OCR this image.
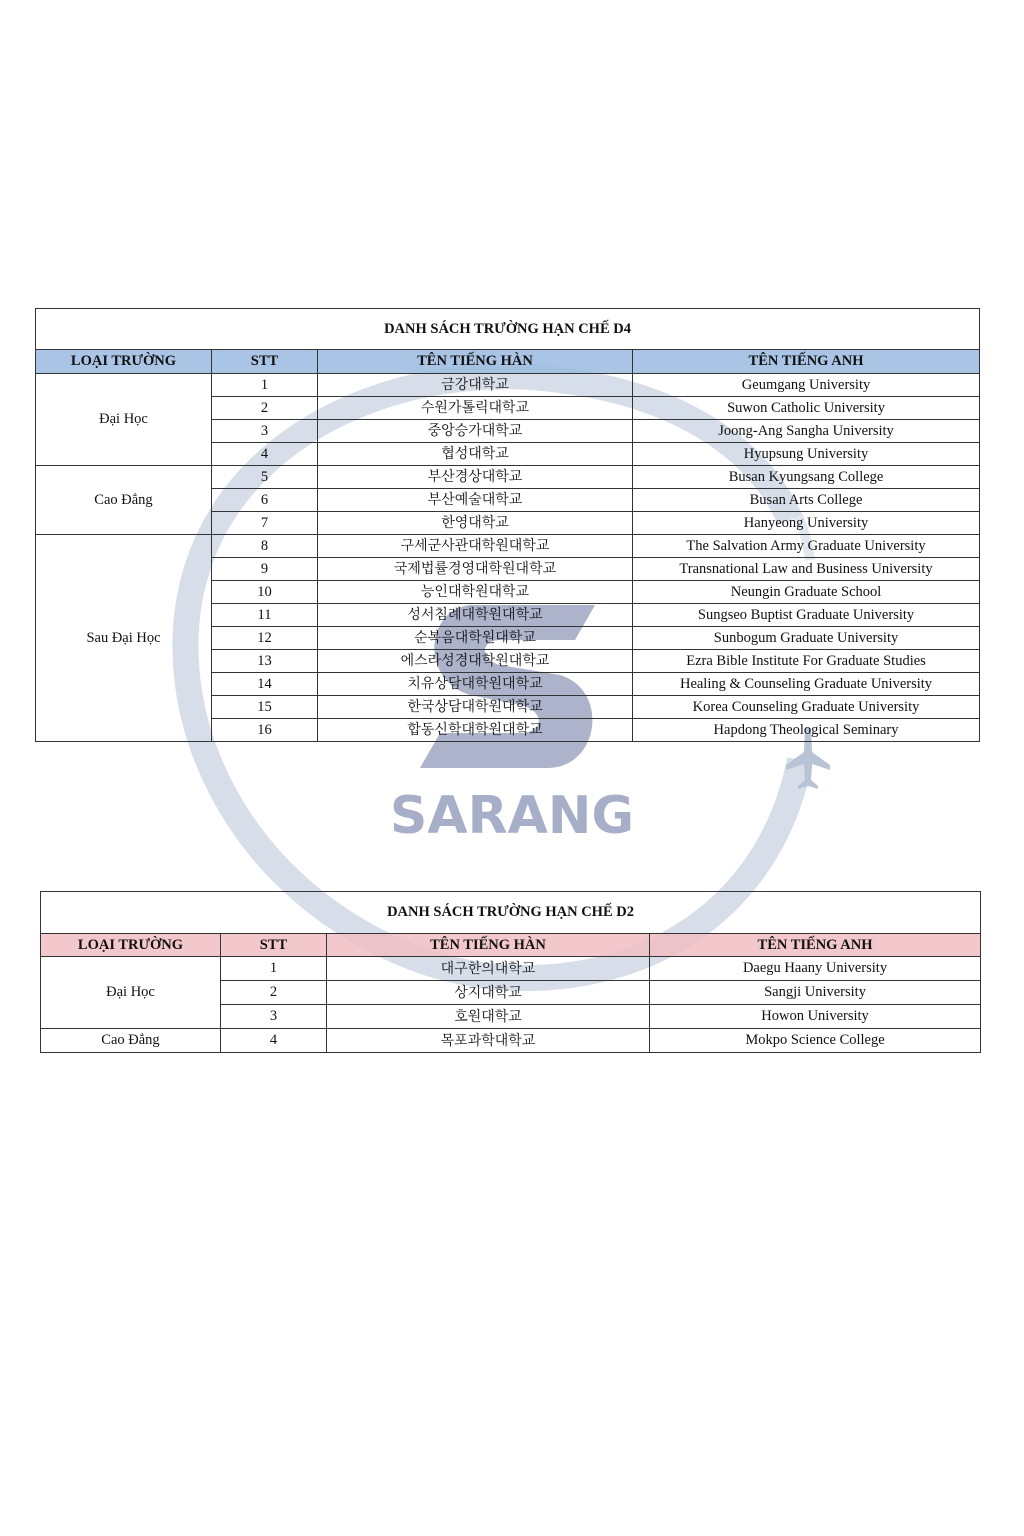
SARANG
DANH SÁCH TRƯỜNG HẠN CHẾ D4			
LOẠI TRƯỜNG	STT	TÊN TIẾNG HÀN	TÊN TIẾNG ANH
Đại Học	1	금강대학교	Geumgang University
	2	수원가톨릭대학교	Suwon Catholic University
	3	중앙승가대학교	Joong-Ang Sangha University
	4	협성대학교	Hyupsung University
Cao Đẳng	5	부산경상대학교	Busan Kyungsang College
	6	부산예술대학교	Busan Arts College
	7	한영대학교	Hanyeong University
Sau Đại Học	8	구세군사관대학원대학교	The Salvation Army Graduate University
	9	국제법률경영대학원대학교	Transnational Law and Business University
	10	능인대학원대학교	Neungin Graduate School
	11	성서침례대학원대학교	Sungseo Buptist Graduate University
	12	순복음대학원대학교	Sunbogum Graduate University
	13	에스라성경대학원대학교	Ezra Bible Institute For Graduate Studies
	14	치유상담대학원대학교	Healing & Counseling Graduate University
	15	한국상담대학원대학교	Korea Counseling Graduate University
	16	합동신학대학원대학교	Hapdong Theological Seminary
DANH SÁCH TRƯỜNG HẠN CHẾ D2			
LOẠI TRƯỜNG	STT	TÊN TIẾNG HÀN	TÊN TIẾNG ANH
Đại Học	1	대구한의대학교	Daegu Haany University
	2	상지대학교	Sangji University
	3	호원대학교	Howon University
Cao Đẳng	4	목포과학대학교	Mokpo Science College
